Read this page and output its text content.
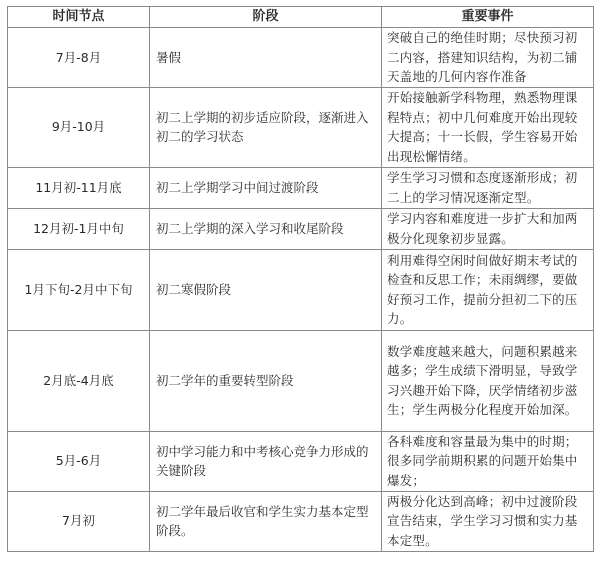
时间节点	阶段	重要事件
7月-8月	暑假	突破自己的绝佳时期；尽快预习初二内容，搭建知识结构，为初二铺天盖地的几何内容作准备
9月-10月	初二上学期的初步适应阶段，逐渐进入初二的学习状态	开始接触新学科物理，熟悉物理课程特点；初中几何难度开始出现较大提高；十一长假，学生容易开始出现松懈情绪。
11月初-11月底	初二上学期学习中间过渡阶段	学生学习习惯和态度逐渐形成；初二上的学习情况逐渐定型。
12月初-1月中旬	初二上学期的深入学习和收尾阶段	学习内容和难度进一步扩大和加两极分化现象初步显露。
1月下旬-2月中下旬	初二寒假阶段	利用难得空闲时间做好期末考试的检查和反思工作；未雨绸缪，要做好预习工作，提前分担初二下的压力。
2月底-4月底	初二学年的重要转型阶段	数学难度越来越大，问题积累越来越多；学生成绩下滑明显，导致学习兴趣开始下降，厌学情绪初步滋生；学生两极分化程度开始加深。
5月-6月	初中学习能力和中考核心竞争力形成的关键阶段	各科难度和容量最为集中的时期；很多同学前期积累的问题开始集中爆发；
7月初	初二学年最后收官和学生实力基本定型阶段。	两极分化达到高峰；初中过渡阶段宣告结束，学生学习习惯和实力基本定型。
